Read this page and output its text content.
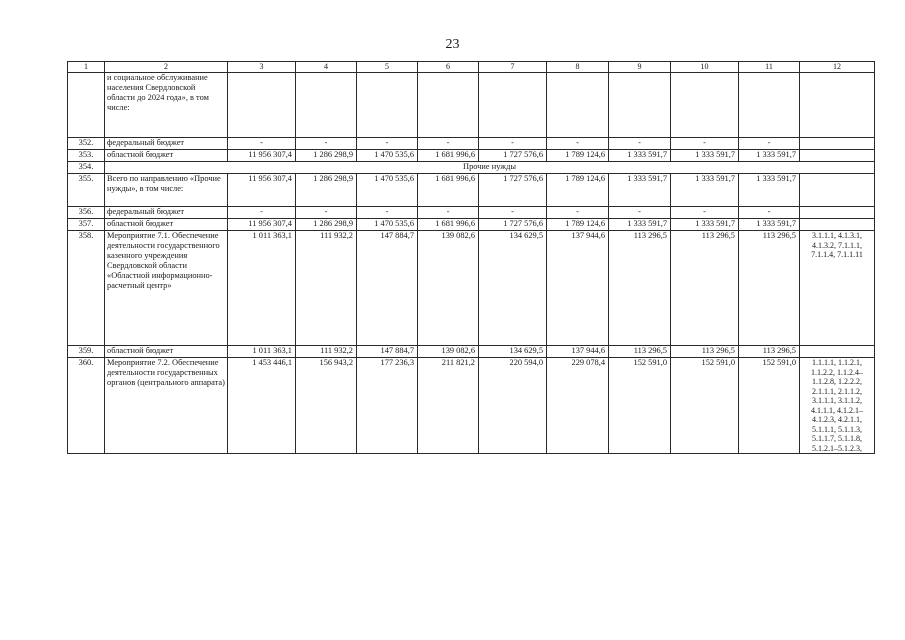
23
1	2	3	4	5	6	7	8	9	10	11	12
	и социальное обслуживание населения Свердловской области до 2024 года», в том числе:										
352.	федеральный бюджет	-	-	-	-	-	-	-	-	-	
353.	областной бюджет	11 956 307,4	1 286 298,9	1 470 535,6	1 681 996,6	1 727 576,6	1 789 124,6	1 333 591,7	1 333 591,7	1 333 591,7	
354.	Прочие нужды										
355.	Всего по направлению «Прочие нужды», в том числе:	11 956 307,4	1 286 298,9	1 470 535,6	1 681 996,6	1 727 576,6	1 789 124,6	1 333 591,7	1 333 591,7	1 333 591,7	
356.	федеральный бюджет	-	-	-	-	-	-	-	-	-	
357.	областной бюджет	11 956 307,4	1 286 298,9	1 470 535,6	1 681 996,6	1 727 576,6	1 789 124,6	1 333 591,7	1 333 591,7	1 333 591,7	
358.	Мероприятие 7.1. Обеспечение деятельности государственного казенного учреждения Свердловской области «Областной информационно-расчетный центр»	1 011 363,1	111 932,2	147 884,7	139 082,6	134 629,5	137 944,6	113 296,5	113 296,5	113 296,5	3.1.1.1, 4.1.3.1, 4.1.3.2, 7.1.1.1, 7.1.1.4, 7.1.1.11
359.	областной бюджет	1 011 363,1	111 932,2	147 884,7	139 082,6	134 629,5	137 944,6	113 296,5	113 296,5	113 296,5	
360.	Мероприятие 7.2. Обеспечение деятельности государственных органов (центрального аппарата)	1 453 446,1	156 943,2	177 236,3	211 821,2	220 594,0	229 078,4	152 591,0	152 591,0	152 591,0	1.1.1.1, 1.1.2.1, 1.1.2.2, 1.1.2.4–1.1.2.8, 1.2.2.2, 2.1.1.1, 2.1.1.2, 3.1.1.1, 3.1.1.2, 4.1.1.1, 4.1.2.1–4.1.2.3, 4.2.1.1, 5.1.1.1, 5.1.1.3, 5.1.1.7, 5.1.1.8, 5.1.2.1–5.1.2.3,
